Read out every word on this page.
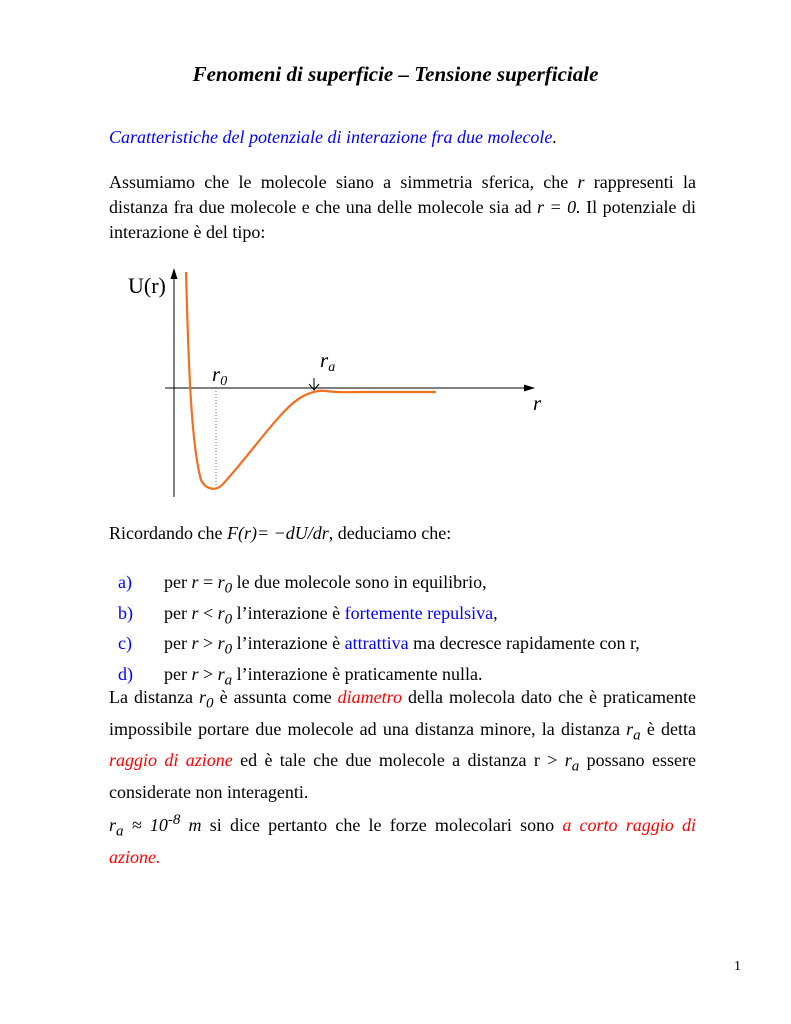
Fenomeni di superficie – Tensione superficiale
Caratteristiche del potenziale di interazione fra due molecole.
Assumiamo che le molecole siano a simmetria sferica, che r rappresenti la distanza fra due molecole e che una delle molecole sia ad r = 0. Il potenziale di interazione è del tipo:
U(r)
r
r0
ra
Ricordando che F(r)= −dU/dr, deduciamo che:
a)	per $r = r_0$ le due molecole sono in equilibrio,
b)	per $r < r_0$ l’interazione è fortemente repulsiva,
c)	per $r > r_0$ l’interazione è attrattiva ma decresce rapidamente con r,
d)	per $r > r_a$ l’interazione è praticamente nulla.
La distanza $r_0$ è assunta come diametro della molecola dato che è praticamente impossibile portare due molecole ad una distanza minore, la distanza $r_a$ è detta raggio di azione ed è tale che due molecole a distanza $r > r_a$ possano essere considerate non interagenti.
$r_a \approx 10^{-8}$ m si dice pertanto che le forze molecolari sono a corto raggio di azione.
1
